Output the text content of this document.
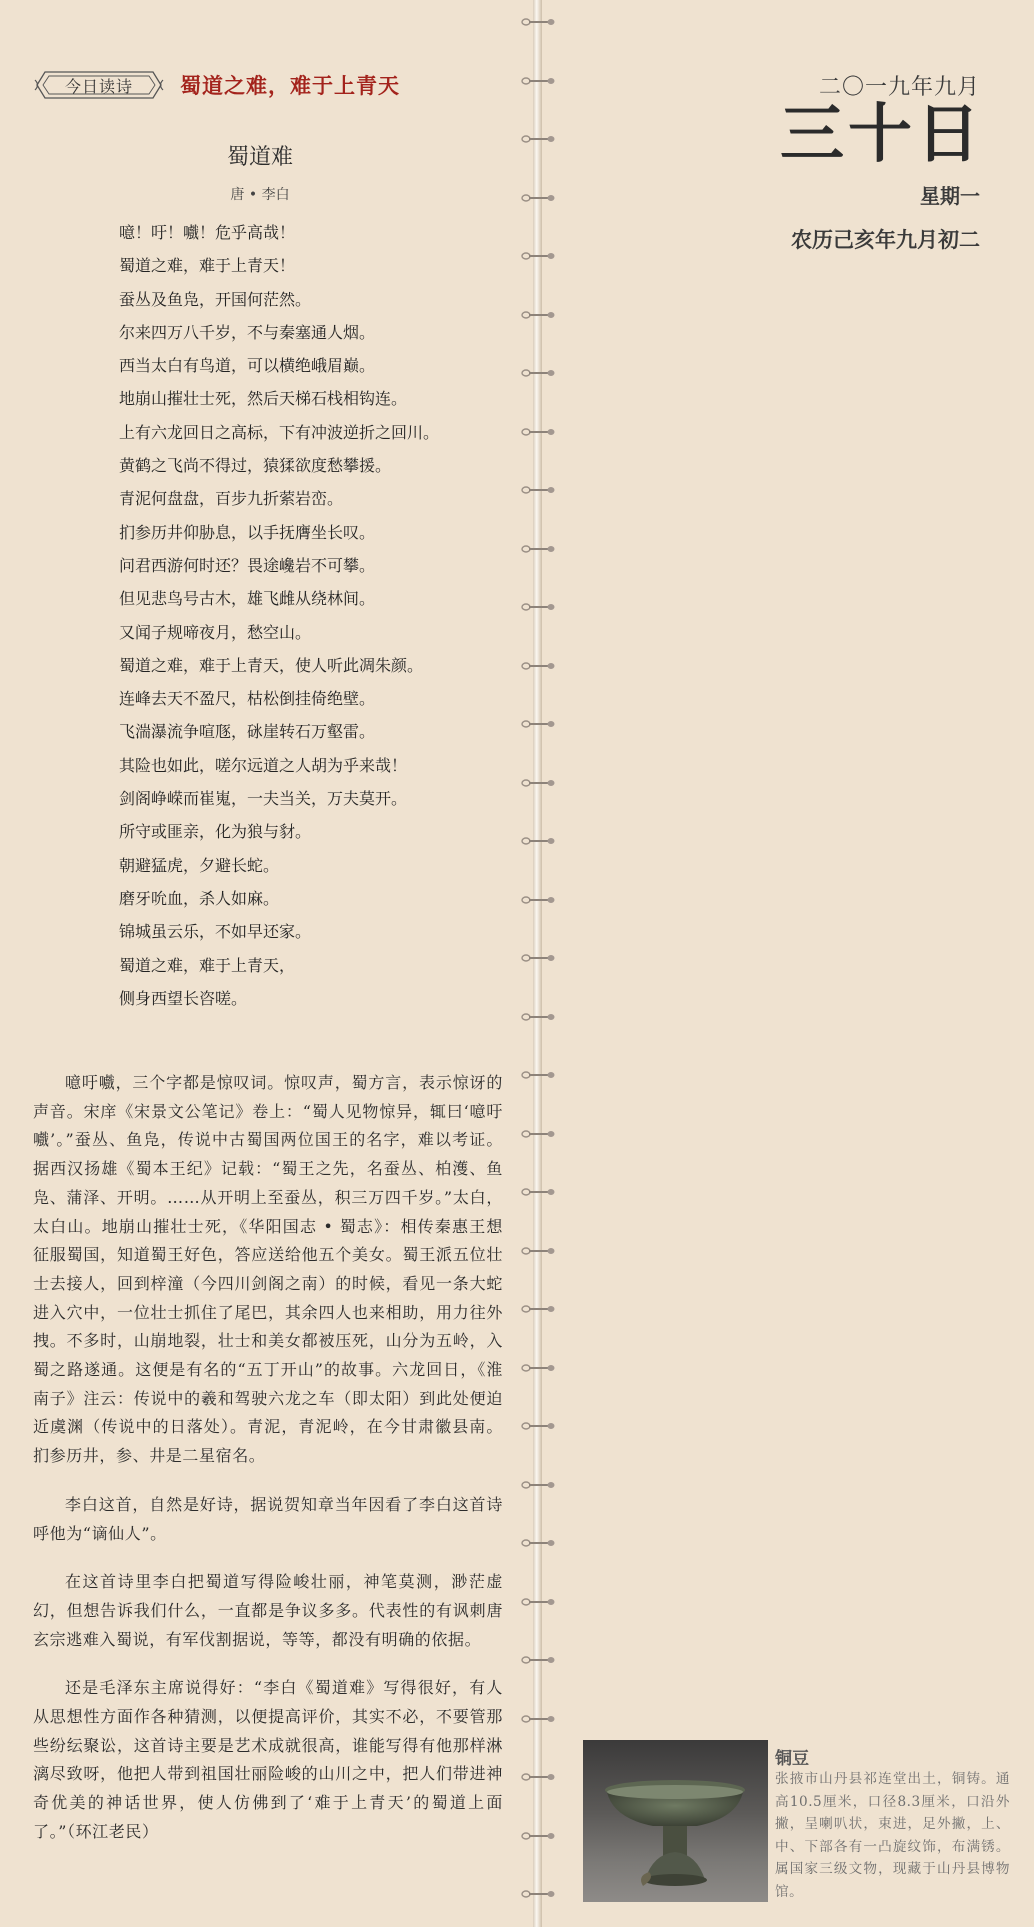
今日读诗 蜀道之难，难于上青天
蜀道难
唐 • 李白
噫！吁！嚱！危乎高哉！
蜀道之难，难于上青天！
蚕丛及鱼凫，开国何茫然。
尔来四万八千岁，不与秦塞通人烟。
西当太白有鸟道，可以横绝峨眉巅。
地崩山摧壮士死，然后天梯石栈相钩连。
上有六龙回日之高标，下有冲波逆折之回川。
黄鹤之飞尚不得过，猿猱欲度愁攀援。
青泥何盘盘，百步九折萦岩峦。
扪参历井仰胁息，以手抚膺坐长叹。
问君西游何时还？畏途巉岩不可攀。
但见悲鸟号古木，雄飞雌从绕林间。
又闻子规啼夜月，愁空山。
蜀道之难，难于上青天，使人听此凋朱颜。
连峰去天不盈尺，枯松倒挂倚绝壁。
飞湍瀑流争喧豗，砯崖转石万壑雷。
其险也如此，嗟尔远道之人胡为乎来哉！
剑阁峥嵘而崔嵬，一夫当关，万夫莫开。
所守或匪亲，化为狼与豺。
朝避猛虎，夕避长蛇。
磨牙吮血，杀人如麻。
锦城虽云乐，不如早还家。
蜀道之难，难于上青天，
侧身西望长咨嗟。

噫吁嚱，三个字都是惊叹词。惊叹声，蜀方言，表示惊讶的声音。宋庠《宋景文公笔记》卷上：“蜀人见物惊异，辄曰‘噫吁嚱’。”蚕丛、鱼凫，传说中古蜀国两位国王的名字，难以考证。据西汉扬雄《蜀本王纪》记载：“蜀王之先，名蚕丛、柏濩、鱼凫、蒲泽、开明。……从开明上至蚕丛，积三万四千岁。”太白，太白山。地崩山摧壮士死，《华阳国志 • 蜀志》：相传秦惠王想征服蜀国，知道蜀王好色，答应送给他五个美女。蜀王派五位壮士去接人，回到梓潼（今四川剑阁之南）的时候，看见一条大蛇进入穴中，一位壮士抓住了尾巴，其余四人也来相助，用力往外拽。不多时，山崩地裂，壮士和美女都被压死，山分为五岭，入蜀之路遂通。这便是有名的“五丁开山”的故事。六龙回日，《淮南子》注云：传说中的羲和驾驶六龙之车（即太阳）到此处便迫近虞渊（传说中的日落处）。青泥，青泥岭，在今甘肃徽县南。扪参历井，参、井是二星宿名。

李白这首，自然是好诗，据说贺知章当年因看了李白这首诗呼他为“谪仙人”。

在这首诗里李白把蜀道写得险峻壮丽，神笔莫测，渺茫虚幻，但想告诉我们什么，一直都是争议多多。代表性的有讽刺唐玄宗逃难入蜀说，有军伐割据说，等等，都没有明确的依据。

还是毛泽东主席说得好：“李白《蜀道难》写得很好，有人从思想性方面作各种猜测，以便提高评价，其实不必，不要管那些纷纭聚讼，这首诗主要是艺术成就很高，谁能写得有他那样淋漓尽致呀，他把人带到祖国壮丽险峻的山川之中，把人们带进神奇优美的神话世界，使人仿佛到了‘难于上青天’的蜀道上面了。”（环江老民）

二〇一九年九月
三十日
星期一
农历己亥年九月初二
铜豆

张掖市山丹县祁连堂出土，铜铸。通高10.5厘米，口径8.3厘米，口沿外撇，呈喇叭状，束进，足外撇，上、中、下部各有一凸旋纹饰，布满锈。属国家三级文物，现藏于山丹县博物馆。
